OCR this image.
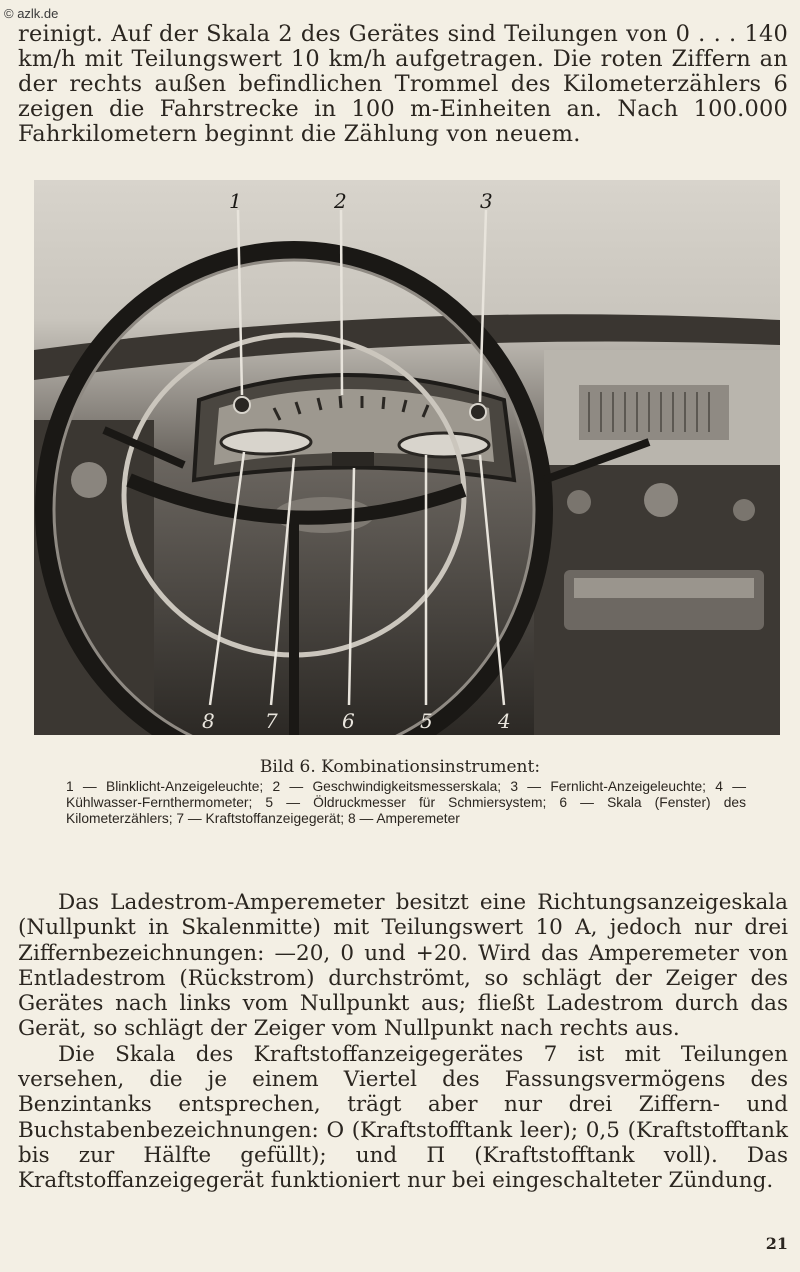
© azlk.de

reinigt. Auf der Skala 2 des Gerätes sind Teilungen von 0 . . . 140 km/h mit Teilungswert 10 km/h aufgetragen. Die roten Ziffern an der rechts außen befindlichen Trommel des Kilometerzählers 6 zeigen die Fahrstrecke in 100 m-Einheiten an. Nach 100.000 Fahrkilometern beginnt die Zählung von neuem.

1	2	3
8	7	6	5	4

Bild 6. Kombinationsinstrument:

1 — Blinklicht-Anzeigeleuchte; 2 — Geschwindigkeitsmesserskala; 3 — Fernlicht-Anzeigeleuchte; 4 — Kühlwasser-Fernthermometer; 5 — Öldruckmesser für Schmiersystem; 6 — Skala (Fenster) des Kilometerzählers; 7 — Kraftstoffanzeigegerät; 8 — Amperemeter

Das Ladestrom-Amperemeter besitzt eine Richtungsanzeigeskala (Nullpunkt in Skalenmitte) mit Teilungswert 10 A, jedoch nur drei Ziffernbezeichnungen: —20, 0 und +20. Wird das Amperemeter von Entladestrom (Rückstrom) durchströmt, so schlägt der Zeiger des Gerätes nach links vom Nullpunkt aus; fließt Ladestrom durch das Gerät, so schlägt der Zeiger vom Nullpunkt nach rechts aus.

Die Skala des Kraftstoffanzeigegerätes 7 ist mit Teilungen versehen, die je einem Viertel des Fassungsvermögens des Benzintanks entsprechen, trägt aber nur drei Ziffern- und Buchstabenbezeichnungen: O (Kraftstofftank leer); 0,5 (Kraftstofftank bis zur Hälfte gefüllt); und П (Kraftstofftank voll). Das Kraftstoffanzeigegerät funktioniert nur bei eingeschalteter Zündung.

21
